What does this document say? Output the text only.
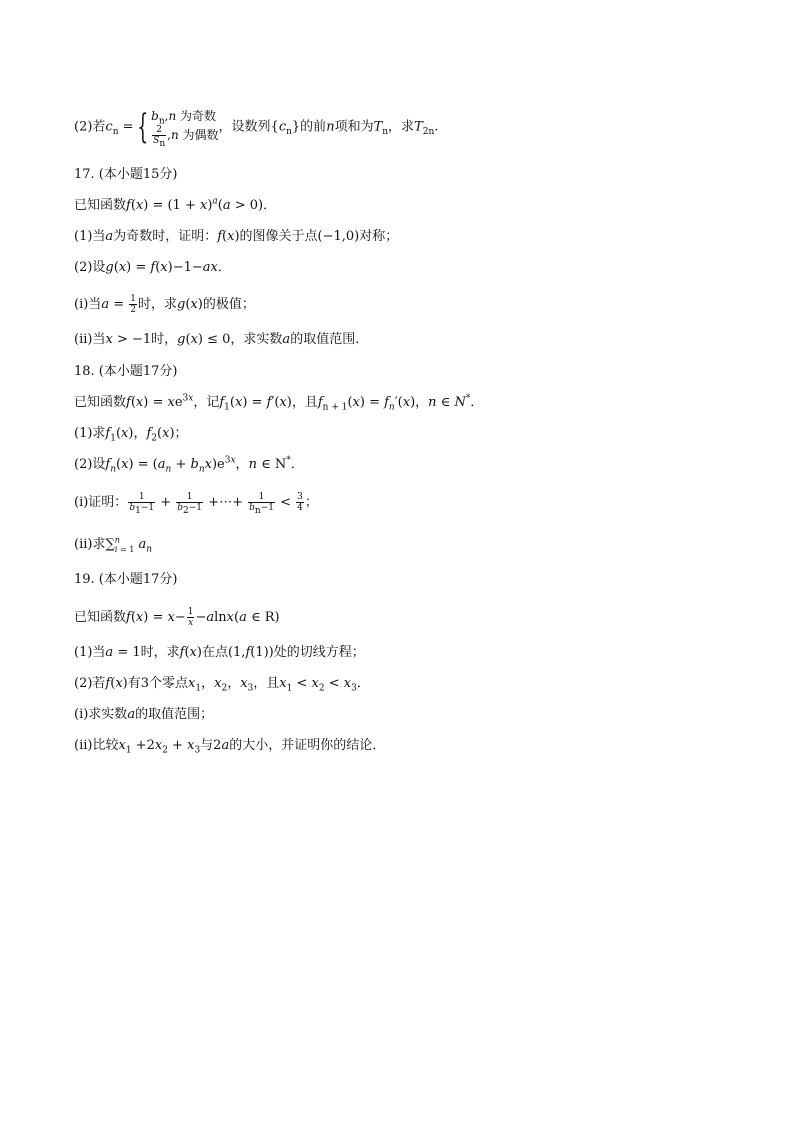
(2)若$c_n$ = { $b_n,n$ 为奇数
$\frac{2}{S_n} ,n$ 为偶数
，设数列$\{c_n\}$的前n项和为$T_n$，求$T_{2n}$.
17. (本小题15分)
已知函数$f(x) = (1 + x)^a(a > 0)$．
(1)当a为奇数时，证明：f(x)的图像关于点(−1,0)对称；
(2)设g(x) = f(x)−1−ax．
(i)当$a = \frac{1}{2}$ 时，求g(x)的极值；
(ii)当x > −1时，g(x) ≤ 0，求实数a的取值范围．
18. (本小题17分)
已知函数$f(x) = xe^{3x}$，记$f_1(x) = f'(x)$，且$f_{n + 1}(x) = f_n'(x)$，n ∈ N*．
(1)求$f_1(x)$，$f_2(x)$；
(2)设$f_n(x) = (a_n + b_nx)e^{3x}$，n ∈ N*．
(i)证明： $\frac{1}{b_1-1} + \frac{1}{b_2-1}$ +⋯+ $\frac{1}{b_n-1} < \frac{3}{4}$ ；
(ii)求∑$^n_{i = 1}$ $a_n$
19. (本小题17分)
已知函数$f(x) = x- \frac{1}{x} -alnx(a$ ∈ R)
(1)当a = 1时，求f(x)在点(1,f(1))处的切线方程；
(2)若f(x)有3个零点$x_1$，$x_2$，$x_3$，且$x_1 < x_2 < x_3$．
(i)求实数a的取值范围；
(ii)比较$x_1 +2x_2 + x_3$与2a的大小，并证明你的结论．
